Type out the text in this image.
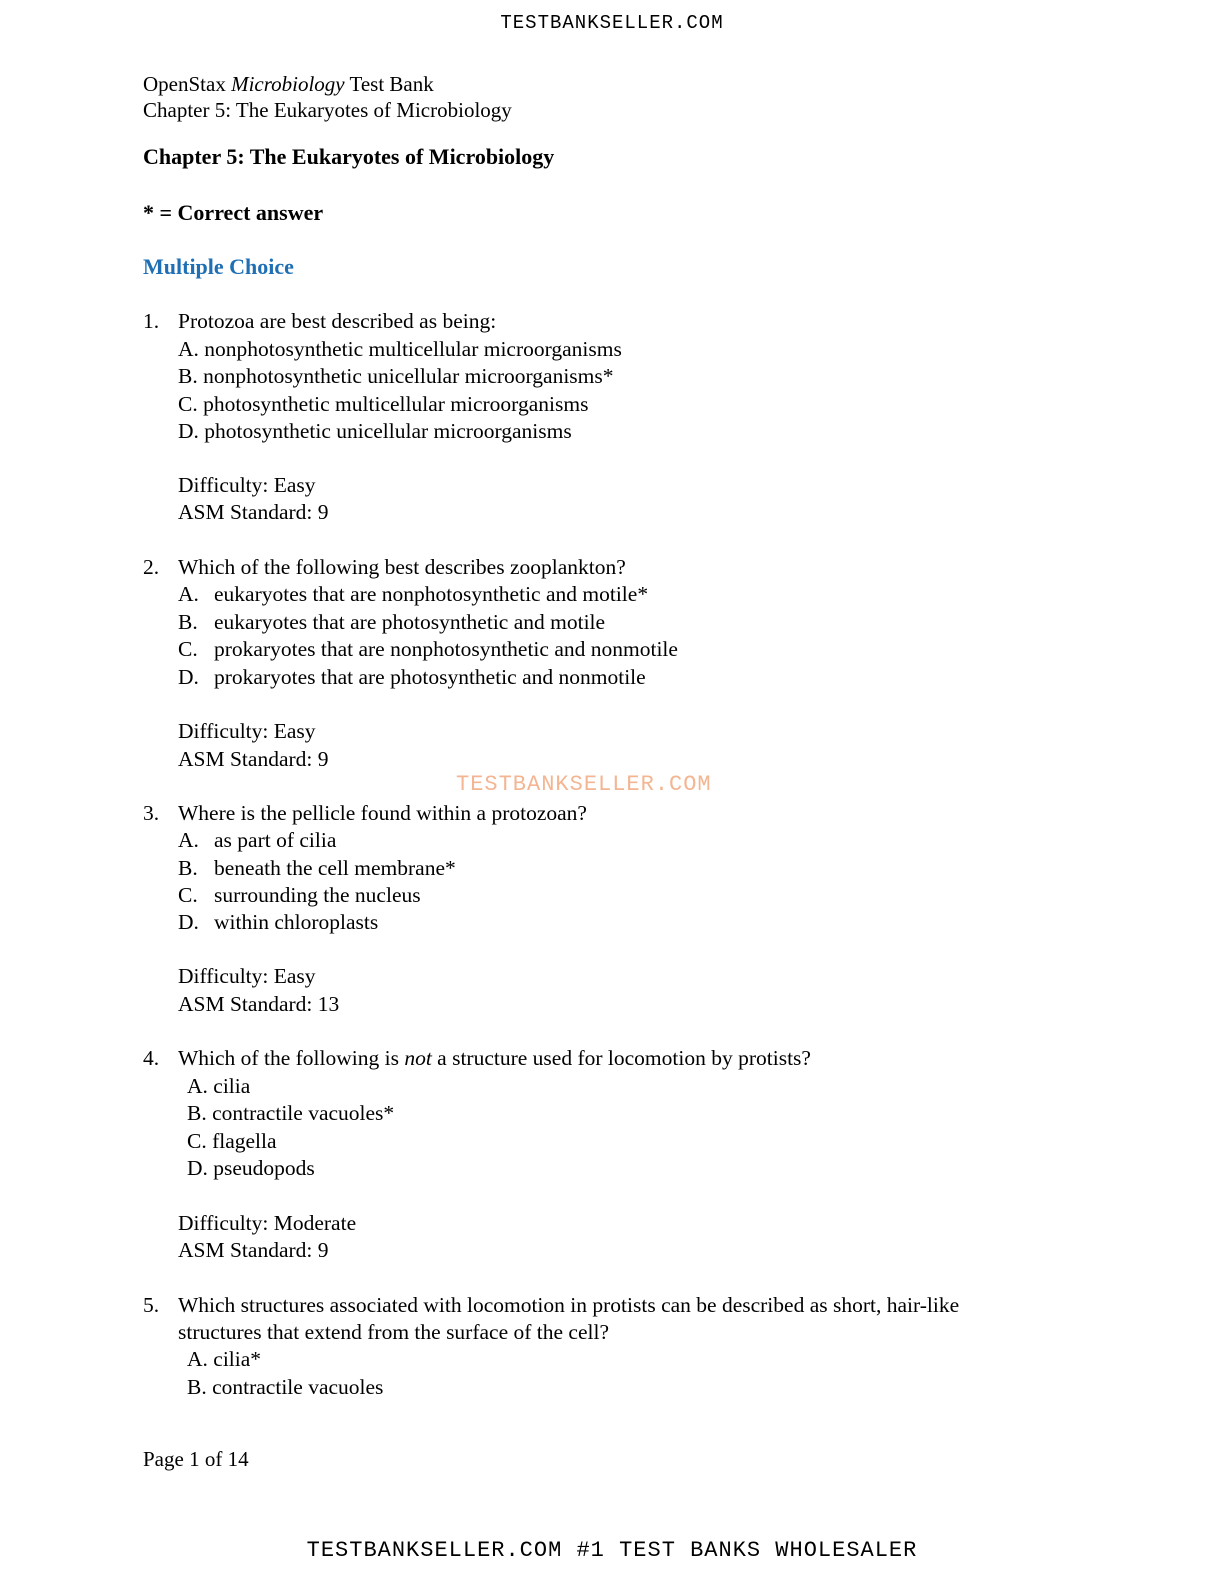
TESTBANKSELLER.COM
TESTBANKSELLER.COM
TESTBANKSELLER.COM #1 TEST BANKS WHOLESALER
OpenStax Microbiology Test Bank
Chapter 5: The Eukaryotes of Microbiology
Chapter 5: The Eukaryotes of Microbiology
* = Correct answer
Multiple Choice
1. Protozoa are best described as being:
A. nonphotosynthetic multicellular microorganisms
B. nonphotosynthetic unicellular microorganisms*
C. photosynthetic multicellular microorganisms
D. photosynthetic unicellular microorganisms
Difficulty: Easy
ASM Standard: 9
2. Which of the following best describes zooplankton?
A. eukaryotes that are nonphotosynthetic and motile*
B. eukaryotes that are photosynthetic and motile
C. prokaryotes that are nonphotosynthetic and nonmotile
D. prokaryotes that are photosynthetic and nonmotile
Difficulty: Easy
ASM Standard: 9
3. Where is the pellicle found within a protozoan?
A. as part of cilia
B. beneath the cell membrane*
C. surrounding the nucleus
D. within chloroplasts
Difficulty: Easy
ASM Standard: 13
4. Which of the following is not a structure used for locomotion by protists?
A. cilia
B. contractile vacuoles*
C. flagella
D. pseudopods
Difficulty: Moderate
ASM Standard: 9
5. Which structures associated with locomotion in protists can be described as short, hair-like
structures that extend from the surface of the cell?
A. cilia*
B. contractile vacuoles
Page 1 of 14
